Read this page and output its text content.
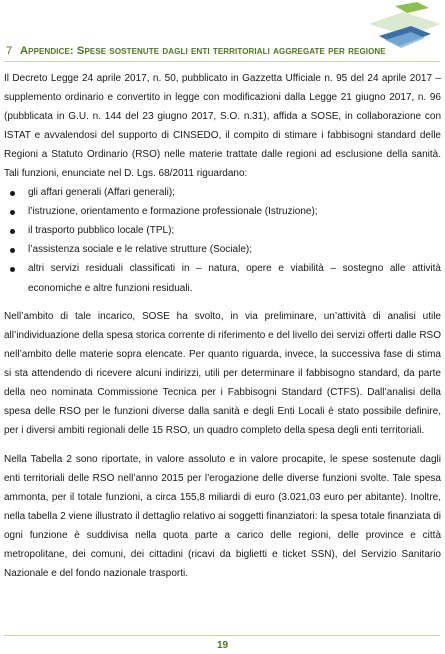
7 Appendice: Spese sostenute dagli enti territoriali aggregate per regione

Il Decreto Legge 24 aprile 2017, n. 50, pubblicato in Gazzetta Ufficiale n. 95 del 24 aprile 2017 – supplemento ordinario e convertito in legge con modificazioni dalla Legge 21 giugno 2017, n. 96 (pubblicata in G.U. n. 144 del 23 giugno 2017, S.O. n.31), affida a SOSE, in collaborazione con ISTAT e avvalendosi del supporto di CINSEDO, il compito di stimare i fabbisogni standard delle Regioni a Statuto Ordinario (RSO) nelle materie trattate dalle regioni ad esclusione della sanità. Tali funzioni, enunciate nel D. Lgs. 68/2011 riguardano:

gli affari generali (Affari generali);
l’istruzione, orientamento e formazione professionale (Istruzione);
il trasporto pubblico locale (TPL);
l’assistenza sociale e le relative strutture (Sociale);
altri servizi residuali classificati in – natura, opere e viabilità – sostegno alle attività economiche e altre funzioni residuali.

Nell’ambito di tale incarico, SOSE ha svolto, in via preliminare, un’attività di analisi utile all’individuazione della spesa storica corrente di riferimento e del livello dei servizi offerti dalle RSO nell’ambito delle materie sopra elencate. Per quanto riguarda, invece, la successiva fase di stima si sta attendendo di ricevere alcuni indirizzi, utili per determinare il fabbisogno standard, da parte della neo nominata Commissione Tecnica per i Fabbisogni Standard (CTFS). Dall’analisi della spesa delle RSO per le funzioni diverse dalla sanità e degli Enti Locali è stato possibile definire, per i diversi ambiti regionali delle 15 RSO, un quadro completo della spesa degli enti territoriali.

Nella Tabella 2 sono riportate, in valore assoluto e in valore procapite, le spese sostenute dagli enti territoriali delle RSO nell’anno 2015 per l’erogazione delle diverse funzioni svolte. Tale spesa ammonta, per il totale funzioni, a circa 155,8 miliardi di euro (3.021,03 euro per abitante). Inoltre, nella tabella 2 viene illustrato il dettaglio relativo ai soggetti finanziatori: la spesa totale finanziata di ogni funzione è suddivisa nella quota parte a carico delle regioni, delle province e città metropolitane, dei comuni, dei cittadini (ricavi da biglietti e ticket SSN), del Servizio Sanitario Nazionale e del fondo nazionale trasporti.

19
